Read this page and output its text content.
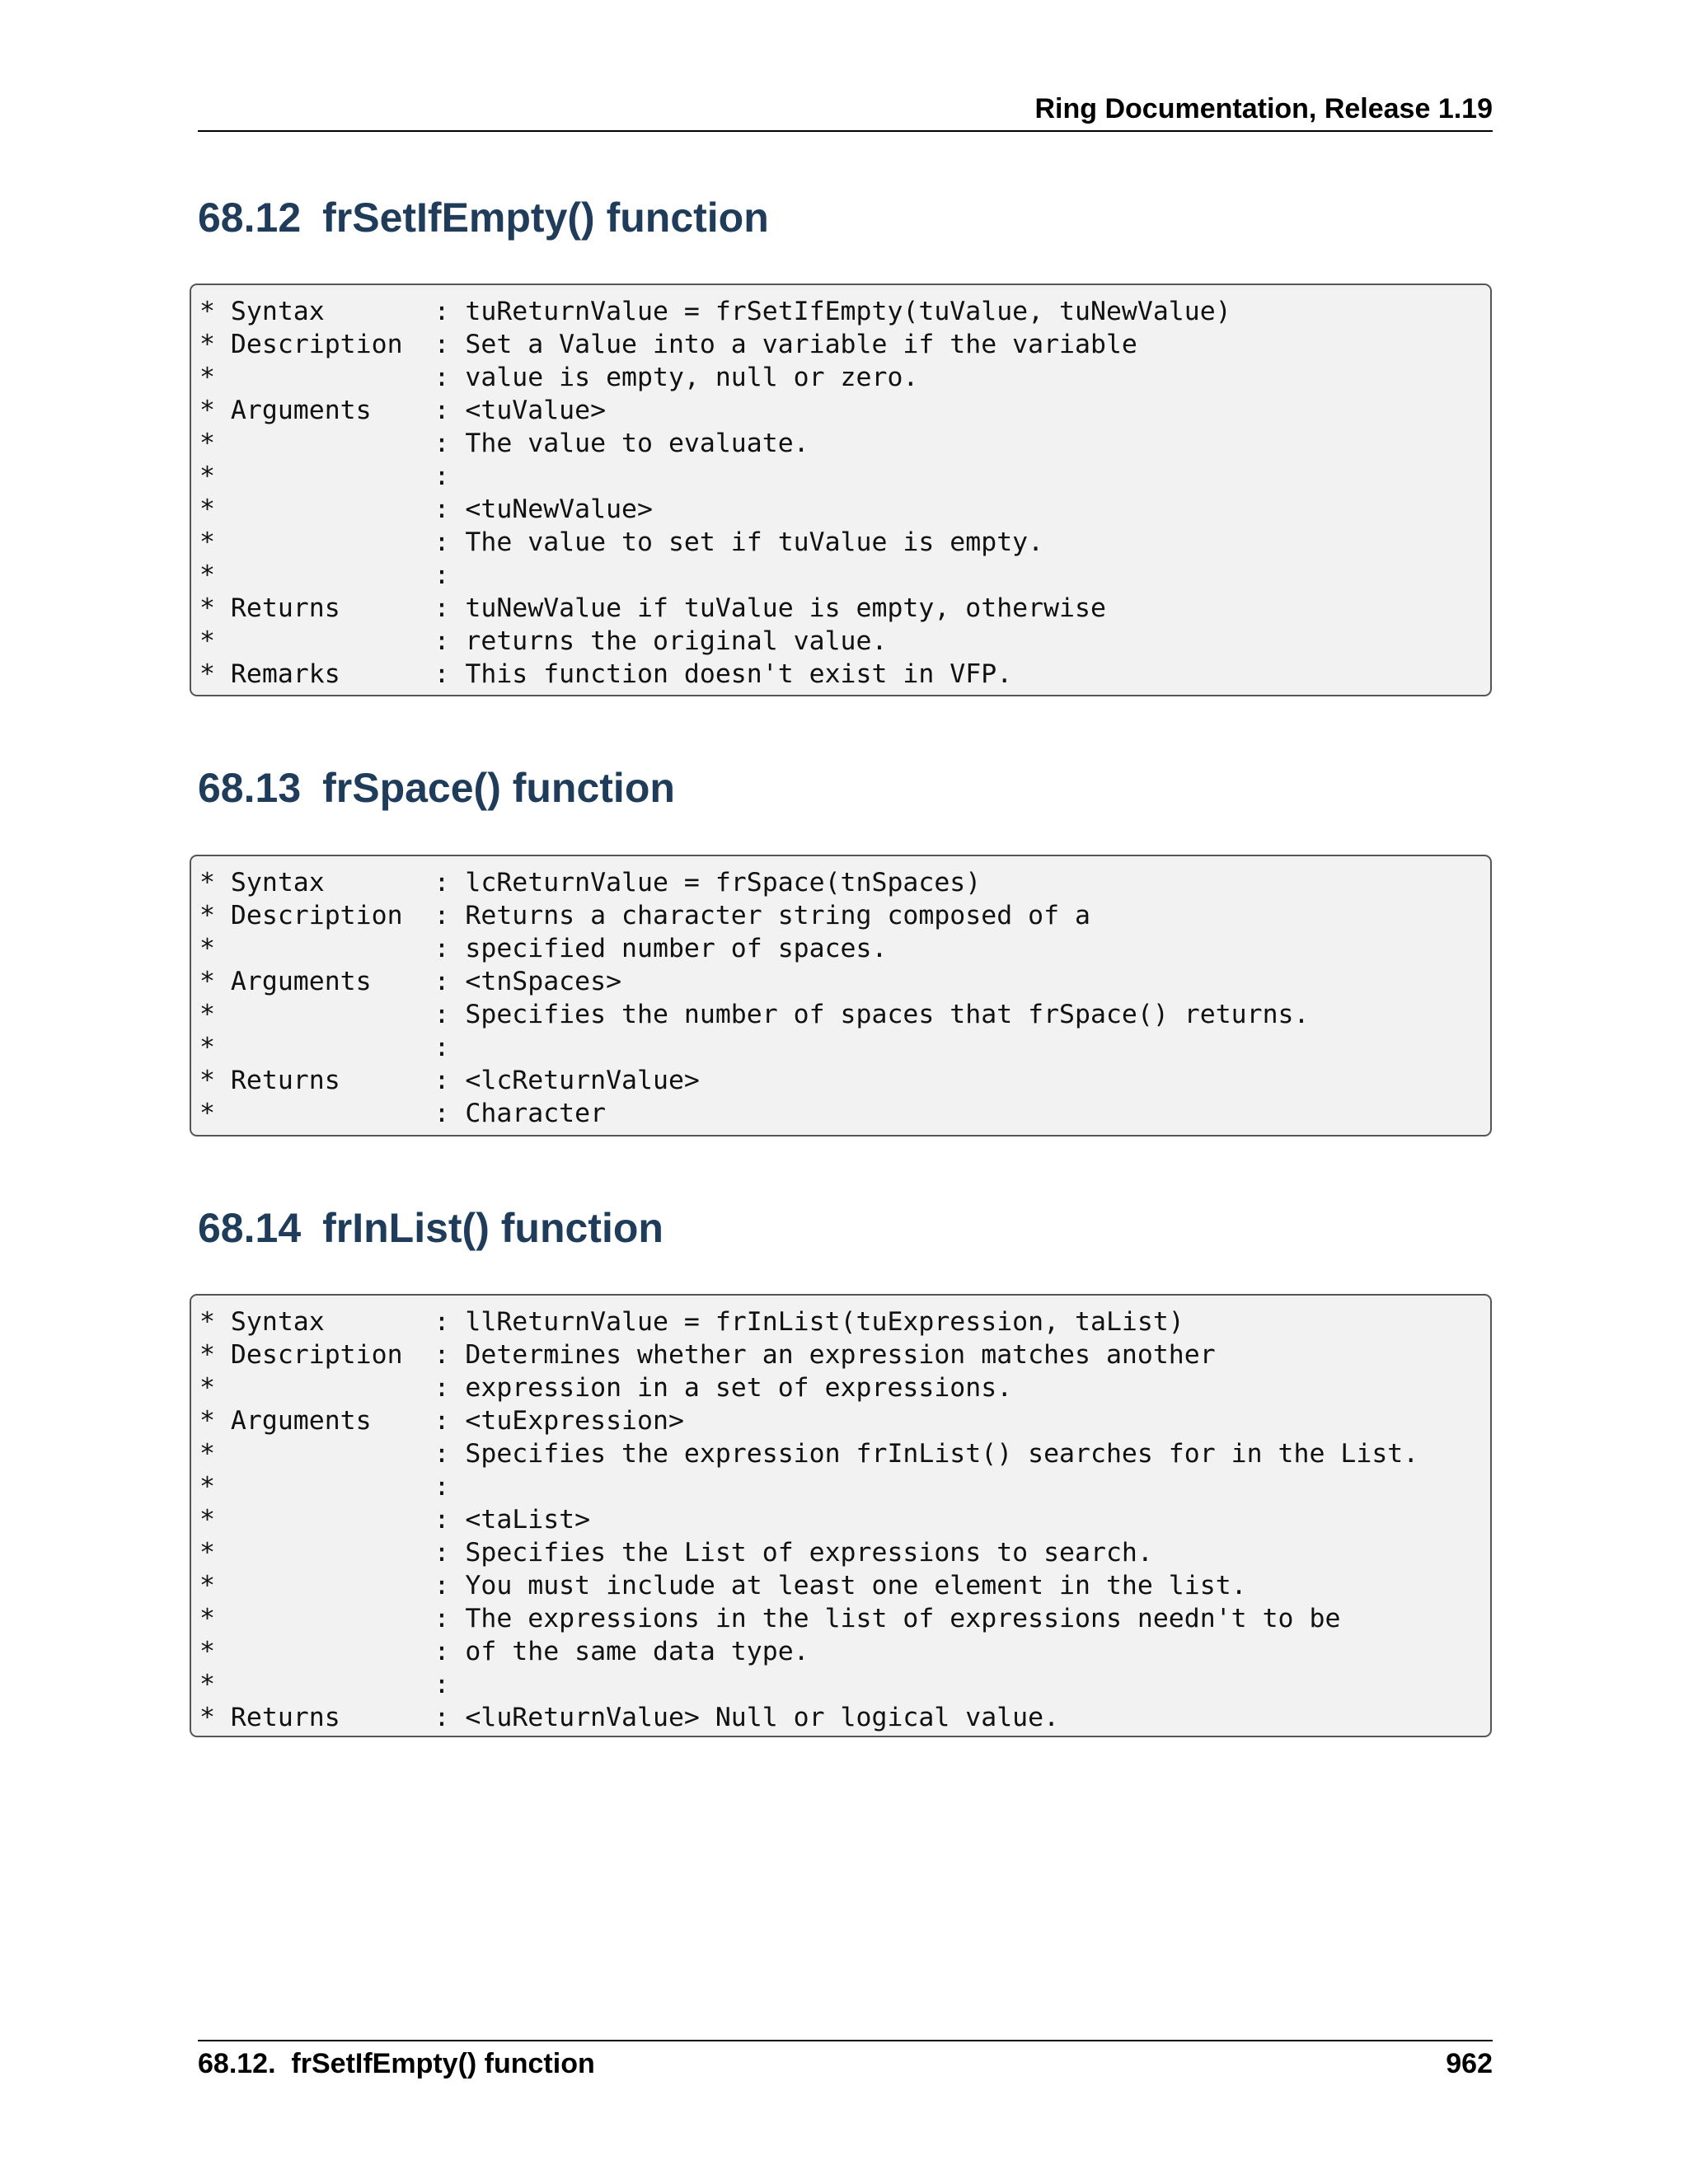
Ring Documentation, Release 1.19
68.12 frSetIfEmpty() function
* Syntax       : tuReturnValue = frSetIfEmpty(tuValue, tuNewValue)
* Description  : Set a Value into a variable if the variable
*              : value is empty, null or zero.
* Arguments    : <tuValue>
*              : The value to evaluate.
*              :
*              : <tuNewValue>
*              : The value to set if tuValue is empty.
*              :
* Returns      : tuNewValue if tuValue is empty, otherwise
*              : returns the original value.
* Remarks      : This function doesn't exist in VFP.
68.13 frSpace() function
* Syntax       : lcReturnValue = frSpace(tnSpaces)
* Description  : Returns a character string composed of a
*              : specified number of spaces.
* Arguments    : <tnSpaces>
*              : Specifies the number of spaces that frSpace() returns.
*              :
* Returns      : <lcReturnValue>
*              : Character
68.14 frInList() function
* Syntax       : llReturnValue = frInList(tuExpression, taList)
* Description  : Determines whether an expression matches another
*              : expression in a set of expressions.
* Arguments    : <tuExpression>
*              : Specifies the expression frInList() searches for in the List.
*              :
*              : <taList>
*              : Specifies the List of expressions to search.
*              : You must include at least one element in the list.
*              : The expressions in the list of expressions needn't to be
*              : of the same data type.
*              :
* Returns      : <luReturnValue> Null or logical value.
68.12.  frSetIfEmpty() function	962
